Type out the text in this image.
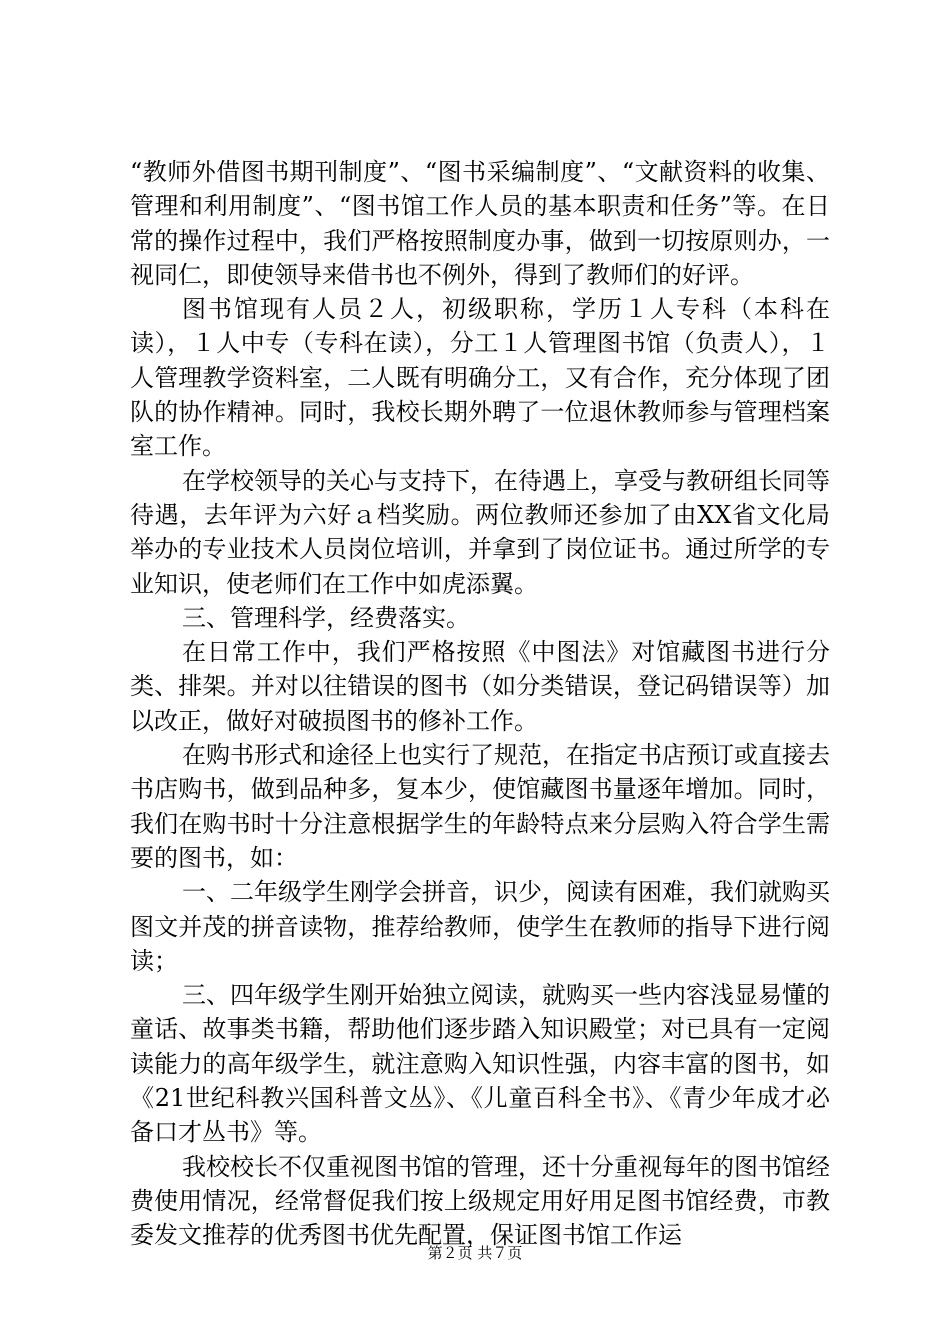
“教师外借图书期刊制度”、“图书采编制度”、“文献资料的收集、管理和利用制度”、“图书馆工作人员的基本职责和任务”等。在日常的操作过程中，我们严格按照制度办事，做到一切按原则办，一视同仁，即使领导来借书也不例外，得到了教师们的好评。

图书馆现有人员２人，初级职称，学历１人专科（本科在读），１人中专（专科在读），分工１人管理图书馆（负责人），１人管理教学资料室，二人既有明确分工，又有合作，充分体现了团队的协作精神。同时，我校长期外聘了一位退休教师参与管理档案室工作。

在学校领导的关心与支持下，在待遇上，享受与教研组长同等待遇，去年评为六好ａ档奖励。两位教师还参加了由XX省文化局举办的专业技术人员岗位培训，并拿到了岗位证书。通过所学的专业知识，使老师们在工作中如虎添翼。

三、管理科学，经费落实。

在日常工作中，我们严格按照《中图法》对馆藏图书进行分类、排架。并对以往错误的图书（如分类错误，登记码错误等）加以改正，做好对破损图书的修补工作。

在购书形式和途径上也实行了规范，在指定书店预订或直接去书店购书，做到品种多，复本少，使馆藏图书量逐年增加。同时，我们在购书时十分注意根据学生的年龄特点来分层购入符合学生需要的图书，如：

一、二年级学生刚学会拼音，识少，阅读有困难，我们就购买图文并茂的拼音读物，推荐给教师，使学生在教师的指导下进行阅读；

三、四年级学生刚开始独立阅读，就购买一些内容浅显易懂的童话、故事类书籍，帮助他们逐步踏入知识殿堂；对已具有一定阅读能力的高年级学生，就注意购入知识性强，内容丰富的图书，如《21世纪科教兴国科普文丛》、《儿童百科全书》、《青少年成才必备口才丛书》等。

我校校长不仅重视图书馆的管理，还十分重视每年的图书馆经费使用情况，经常督促我们按上级规定用好用足图书馆经费，市教委发文推荐的优秀图书优先配置，保证图书馆工作运

第２页 共７页
